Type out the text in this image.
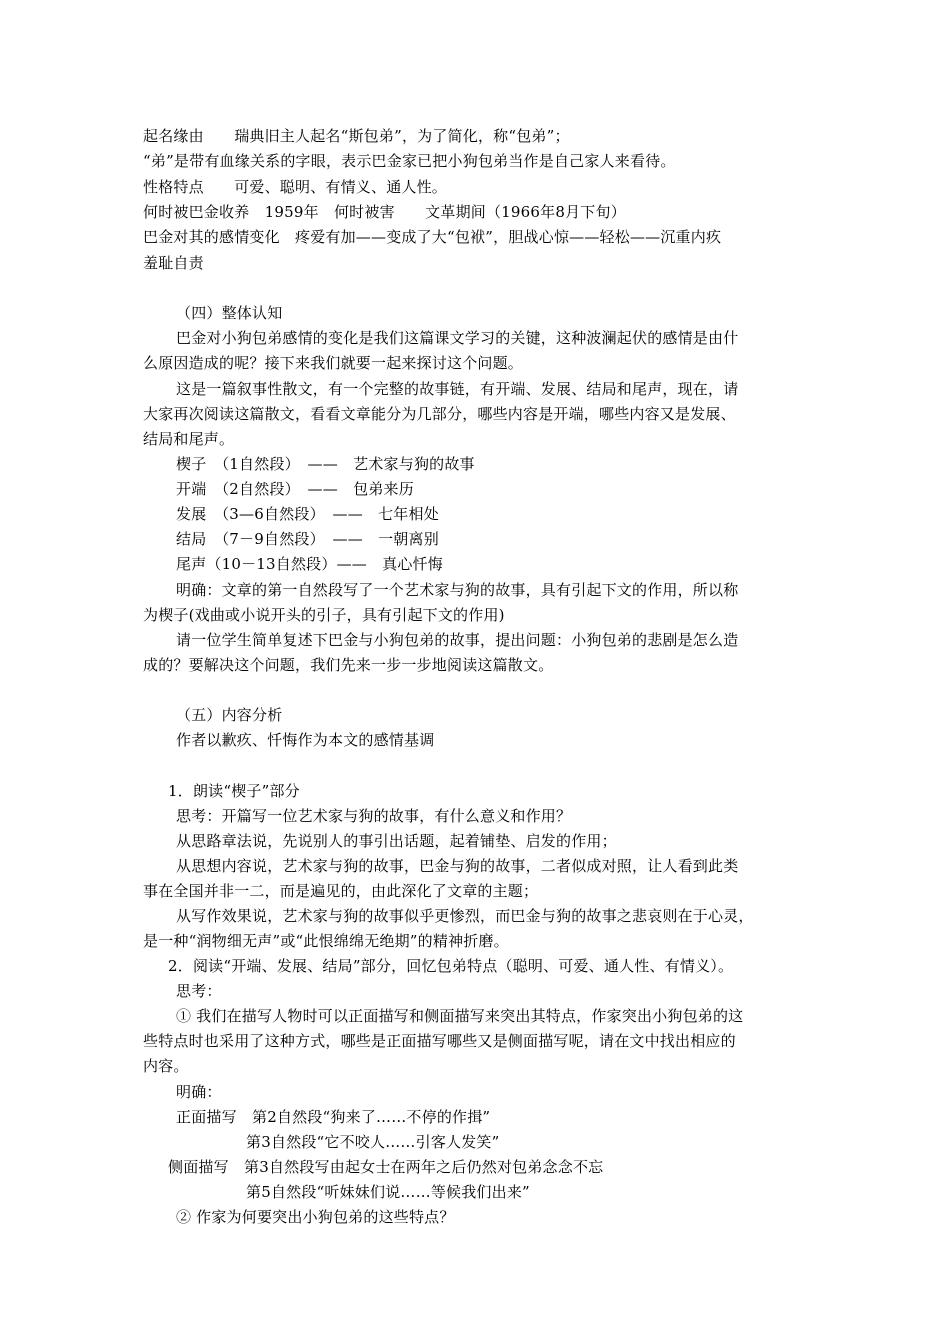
起名缘由　　瑞典旧主人起名“斯包弟”，为了简化，称“包弟”；
“弟”是带有血缘关系的字眼，表示巴金家已把小狗包弟当作是自己家人来看待。
性格特点　　可爱、聪明、有情义、通人性。
何时被巴金收养　1959年　何时被害　　文革期间（1966年8月下旬）
巴金对其的感情变化　疼爱有加——变成了大“包袱”，胆战心惊——轻松——沉重内疚
羞耻自责
（四）整体认知
巴金对小狗包弟感情的变化是我们这篇课文学习的关键，这种波澜起伏的感情是由什
么原因造成的呢？接下来我们就要一起来探讨这个问题。
这是一篇叙事性散文，有一个完整的故事链，有开端、发展、结局和尾声，现在，请
大家再次阅读这篇散文，看看文章能分为几部分，哪些内容是开端，哪些内容又是发展、
结局和尾声。
楔子　（1自然段）　——　艺术家与狗的故事
开端　（2自然段）　——　包弟来历
发展　（3—6自然段）　——　七年相处
结局　（7－9自然段）　——　一朝离别
尾声（10－13自然段）——　真心忏悔
明确：文章的第一自然段写了一个艺术家与狗的故事，具有引起下文的作用，所以称
为楔子(戏曲或小说开头的引子，具有引起下文的作用)
请一位学生简单复述下巴金与小狗包弟的故事，提出问题：小狗包弟的悲剧是怎么造
成的？要解决这个问题，我们先来一步一步地阅读这篇散文。
（五）内容分析
作者以歉疚、忏悔作为本文的感情基调
1．朗读“楔子”部分
思考：开篇写一位艺术家与狗的故事，有什么意义和作用？
从思路章法说，先说别人的事引出话题，起着铺垫、启发的作用；
从思想内容说，艺术家与狗的故事，巴金与狗的故事，二者似成对照，让人看到此类
事在全国并非一二，而是遍见的，由此深化了文章的主题；
从写作效果说，艺术家与狗的故事似乎更惨烈，而巴金与狗的故事之悲哀则在于心灵，
是一种“润物细无声”或“此恨绵绵无绝期”的精神折磨。
2．阅读“开端、发展、结局”部分，回忆包弟特点（聪明、可爱、通人性、有情义）。
思考：
① 我们在描写人物时可以正面描写和侧面描写来突出其特点，作家突出小狗包弟的这
些特点时也采用了这种方式，哪些是正面描写哪些又是侧面描写呢，请在文中找出相应的
内容。
明确：
正面描写　第2自然段“狗来了……不停的作揖”
第3自然段“它不咬人……引客人发笑”
侧面描写　第3自然段写由起女士在两年之后仍然对包弟念念不忘
第5自然段“听妹妹们说……等候我们出来”
② 作家为何要突出小狗包弟的这些特点？
